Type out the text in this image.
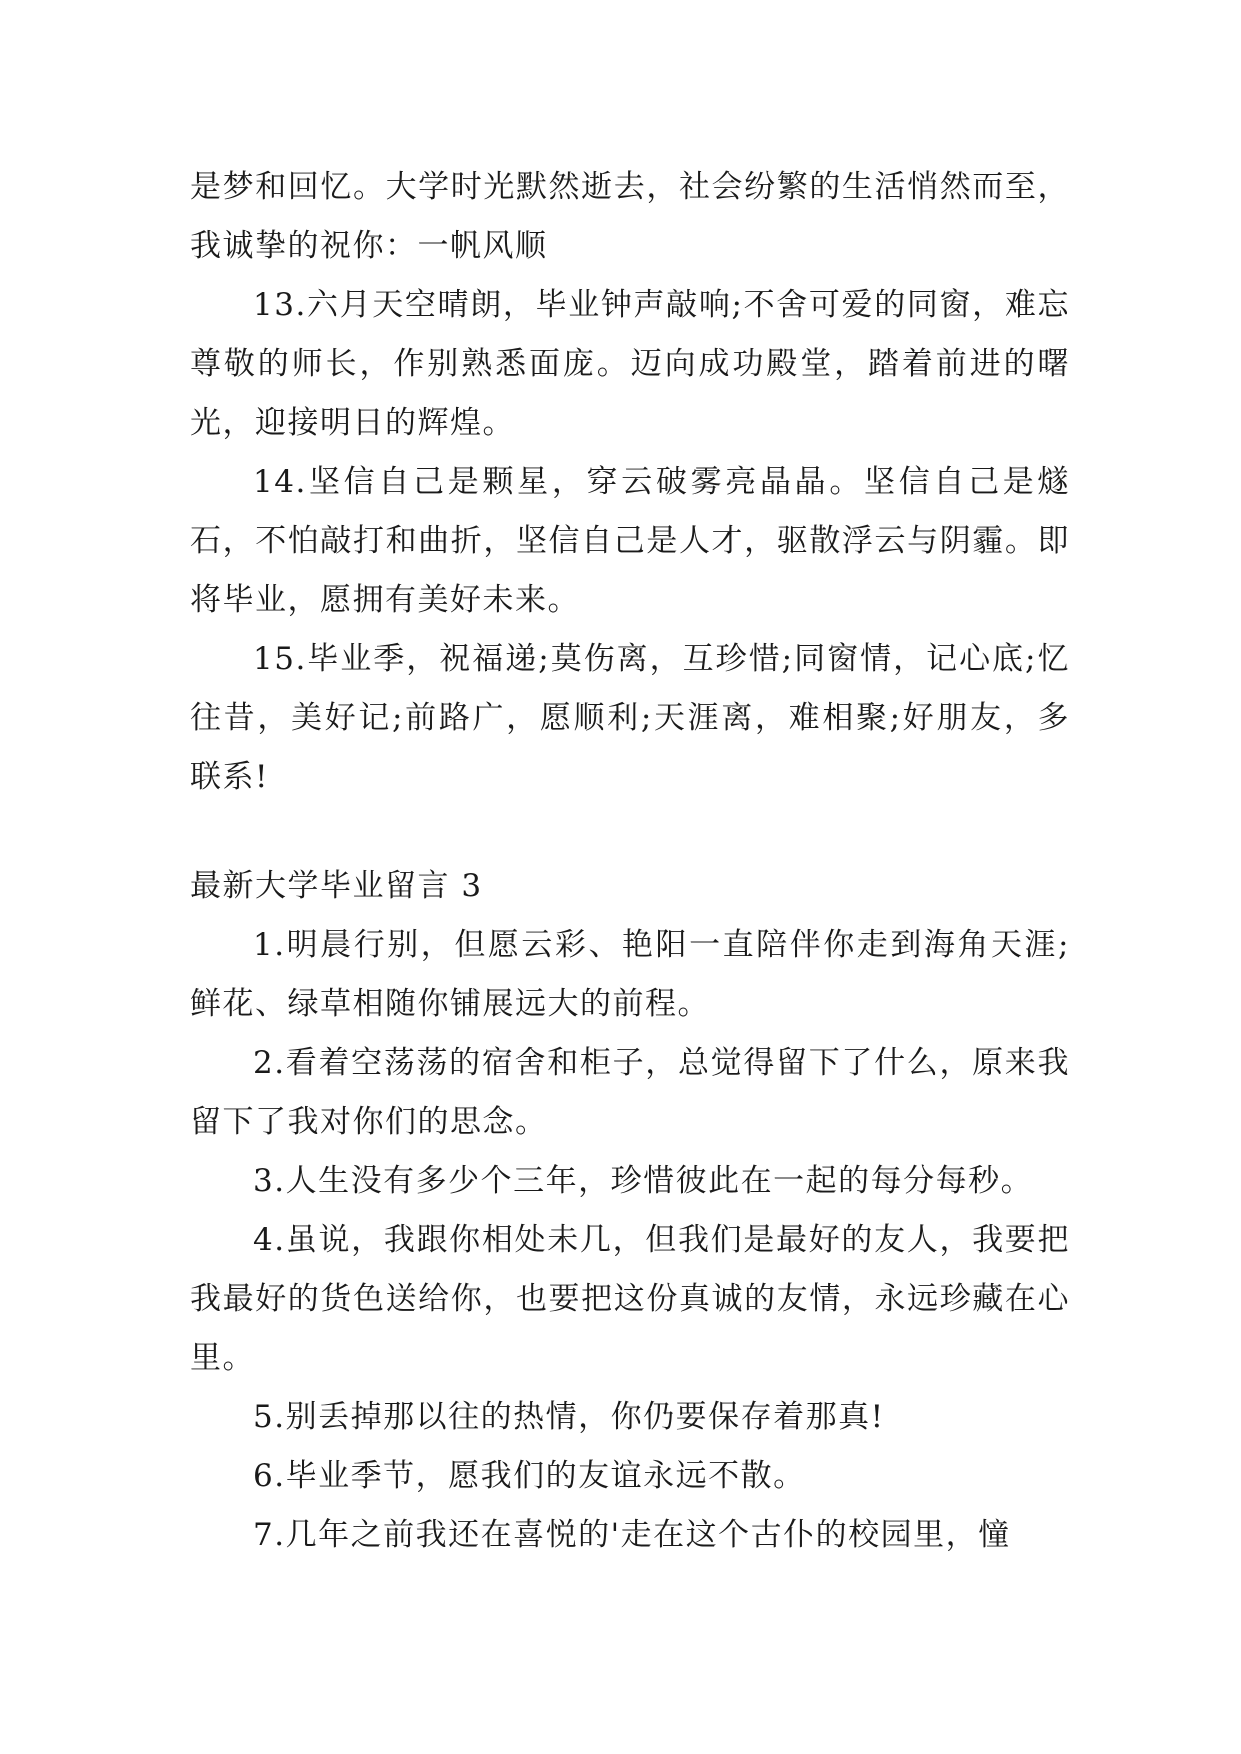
是梦和回忆。大学时光默然逝去，社会纷繁的生活悄然而至，我诚挚的祝你：一帆风顺

13.六月天空晴朗，毕业钟声敲响;不舍可爱的同窗，难忘尊敬的师长，作别熟悉面庞。迈向成功殿堂，踏着前进的曙光，迎接明日的辉煌。

14.坚信自己是颗星，穿云破雾亮晶晶。坚信自己是燧石，不怕敲打和曲折，坚信自己是人才，驱散浮云与阴霾。即将毕业，愿拥有美好未来。

15.毕业季，祝福递;莫伤离，互珍惜;同窗情，记心底;忆往昔，美好记;前路广，愿顺利;天涯离，难相聚;好朋友，多联系!

最新大学毕业留言 3

1.明晨行别，但愿云彩、艳阳一直陪伴你走到海角天涯;鲜花、绿草相随你铺展远大的前程。

2.看着空荡荡的宿舍和柜子，总觉得留下了什么，原来我留下了我对你们的思念。

3.人生没有多少个三年，珍惜彼此在一起的每分每秒。

4.虽说，我跟你相处未几，但我们是最好的友人，我要把我最好的货色送给你，也要把这份真诚的友情，永远珍藏在心里。

5.别丢掉那以往的热情，你仍要保存着那真!

6.毕业季节，愿我们的友谊永远不散。

7.几年之前我还在喜悦的'走在这个古仆的校园里，憧
